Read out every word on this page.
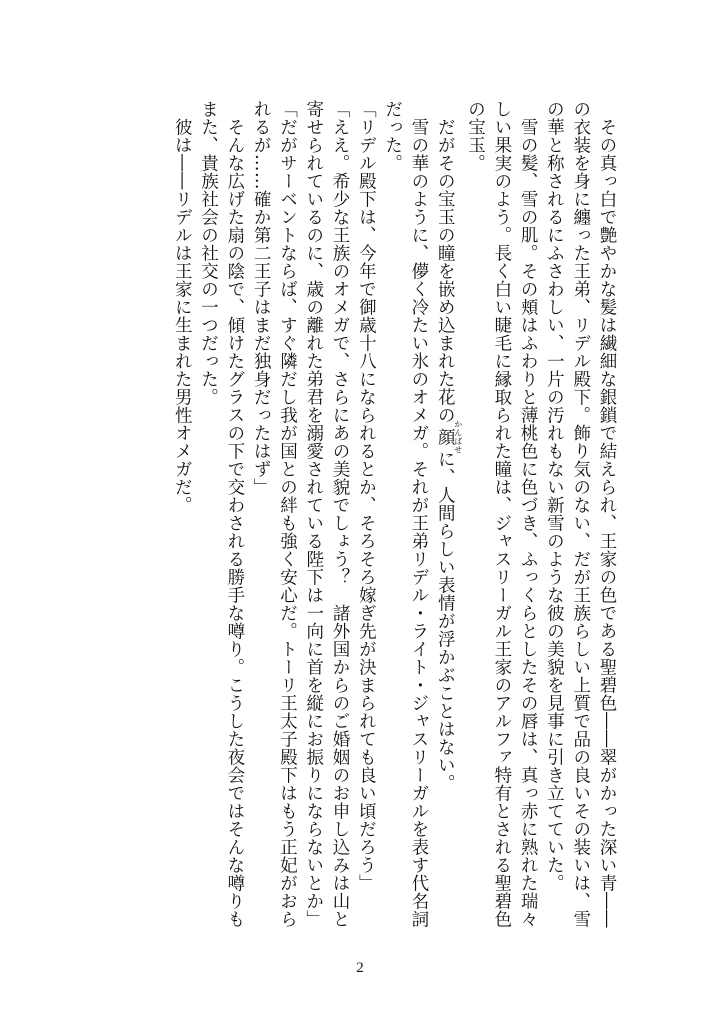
その真っ白で艶やかな髪は繊細な銀鎖で結えられ、王家の色である聖碧色――翠がかった深い青――の衣装を身に纏った王弟、リデル殿下。飾り気のない、だが王族らしい上質で品の良いその装いは、雪の華と称されるにふさわしい、一片の汚れもない新雪のような彼の美貌を見事に引き立てていた。

雪の髪、雪の肌。その頬はふわりと薄桃色に色づき、ふっくらとしたその唇は、真っ赤に熟れた瑞々しい果実のよう。長く白い睫毛に縁取られた瞳は、ジャスリーガル王家のアルファ特有とされる聖碧色の宝玉。

だがその宝玉の瞳を嵌め込まれた花の顔かんばせに、人間らしい表情が浮かぶことはない。

雪の華のように、儚く冷たい氷のオメガ。それが王弟リデル・ライト・ジャスリーガルを表す代名詞だった。

「リデル殿下は、今年で御歳十八になられるとか、そろそろ嫁ぎ先が決まられても良い頃だろう」

「ええ。希少な王族のオメガで、さらにあの美貌でしょう？　諸外国からのご婚姻のお申し込みは山と寄せられているのに、歳の離れた弟君を溺愛されている陛下は一向に首を縦にお振りにならないとか」

「だがサーベントならば、すぐ隣だし我が国との絆も強く安心だ。トーリ王太子殿下はもう正妃がおられるが……確か第二王子はまだ独身だったはず」

そんな広げた扇の陰で、傾けたグラスの下で交わされる勝手な噂り。こうした夜会ではそんな噂りもまた、貴族社会の社交の一つだった。

彼は――リデルは王家に生まれた男性オメガだ。

2
